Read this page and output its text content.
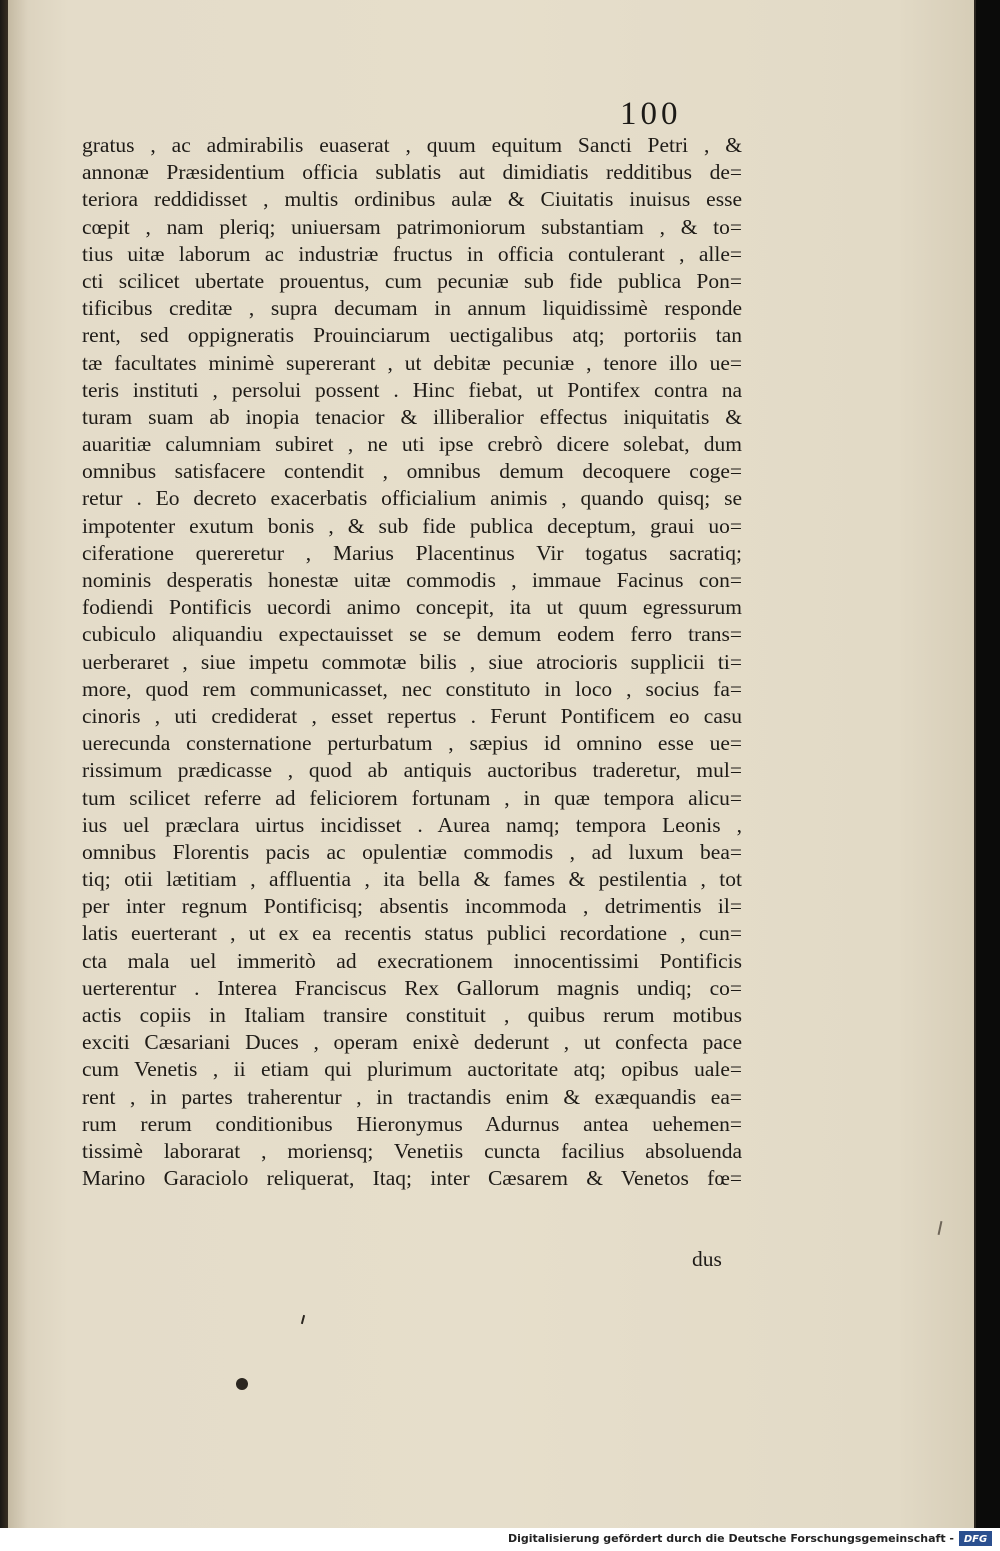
100
gratus , ac admirabilis euaserat , quum equitum Sancti Petri , &
annonæ Præsidentium officia sublatis aut dimidiatis redditibus de=
teriora reddidisset , multis ordinibus aulæ & Ciuitatis inuisus esse
cœpit , nam pleriq; uniuersam patrimoniorum substantiam , & to=
tius uitæ laborum ac industriæ fructus in officia contulerant , alle=
cti scilicet ubertate prouentus, cum pecuniæ sub fide publica Pon=
tificibus creditæ , supra decumam in annum liquidissimè responde
rent, sed oppigneratis Prouinciarum uectigalibus atq; portoriis tan
tæ facultates minimè supererant , ut debitæ pecuniæ , tenore illo ue=
teris instituti , persolui possent . Hinc fiebat, ut Pontifex contra na
turam suam ab inopia tenacior & illiberalior effectus iniquitatis &
auaritiæ calumniam subiret , ne uti ipse crebrò dicere solebat, dum
omnibus satisfacere contendit , omnibus demum decoquere coge=
retur . Eo decreto exacerbatis officialium animis , quando quisq; se
impotenter exutum bonis , & sub fide publica deceptum, graui uo=
ciferatione quereretur , Marius Placentinus Vir togatus sacratiq;
nominis desperatis honestæ uitæ commodis , immaue Facinus con=
fodiendi Pontificis uecordi animo concepit, ita ut quum egressurum
cubiculo aliquandiu expectauisset se se demum eodem ferro trans=
uerberaret , siue impetu commotæ bilis , siue atrocioris supplicii ti=
more, quod rem communicasset, nec constituto in loco , socius fa=
cinoris , uti crediderat , esset repertus . Ferunt Pontificem eo casu
uerecunda consternatione perturbatum , sæpius id omnino esse ue=
rissimum prædicasse , quod ab antiquis auctoribus traderetur, mul=
tum scilicet referre ad feliciorem fortunam , in quæ tempora alicu=
ius uel præclara uirtus incidisset . Aurea namq; tempora Leonis ,
omnibus Florentis pacis ac opulentiæ commodis , ad luxum bea=
tiq; otii lætitiam , affluentia , ita bella & fames & pestilentia , tot
per inter regnum Pontificisq; absentis incommoda , detrimentis il=
latis euerterant , ut ex ea recentis status publici recordatione , cun=
cta mala uel immeritò ad execrationem innocentissimi Pontificis
uerterentur . Interea Franciscus Rex Gallorum magnis undiq; co=
actis copiis in Italiam transire constituit , quibus rerum motibus
exciti Cæsariani Duces , operam enixè dederunt , ut confecta pace
cum Venetis , ii etiam qui plurimum auctoritate atq; opibus uale=
rent , in partes traherentur , in tractandis enim & exæquandis ea=
rum rerum conditionibus Hieronymus Adurnus antea uehemen=
tissimè laborarat , moriensq; Venetiis cuncta facilius absoluenda
Marino Garaciolo reliquerat, Itaq; inter Cæsarem & Venetos fœ=
dus
Digitalisierung gefördert durch die Deutsche Forschungsgemeinschaft - DFG
